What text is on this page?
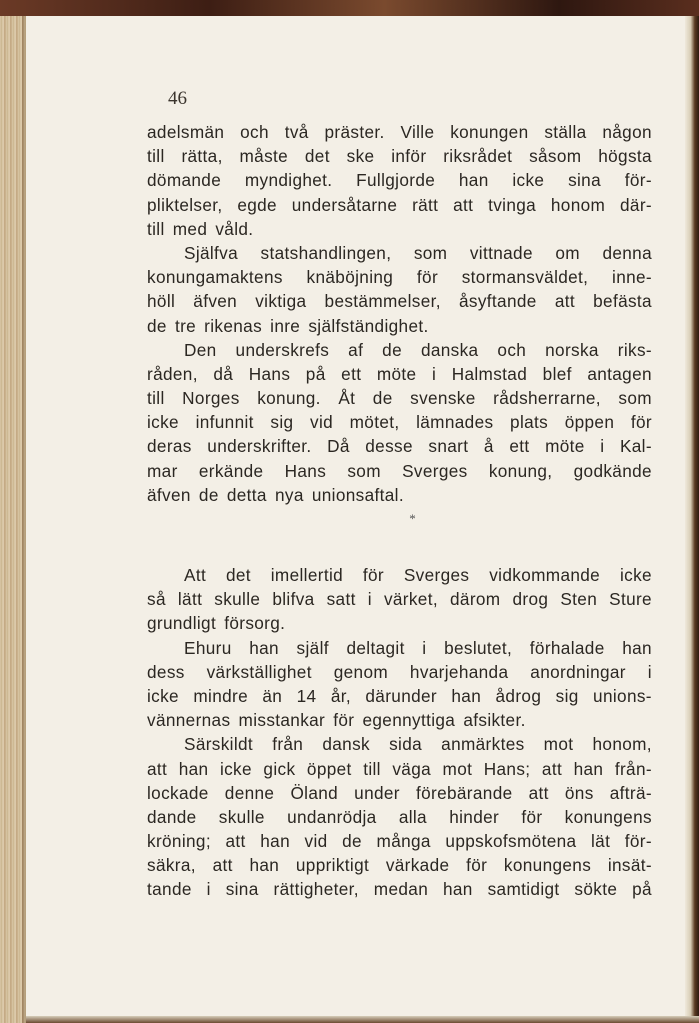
46
adelsmän och två präster. Ville konungen ställa någon
till rätta, måste det ske inför riksrådet såsom högsta
dömande myndighet. Fullgjorde han icke sina för-
pliktelser, egde undersåtarne rätt att tvinga honom där-
till med våld.
Själfva statshandlingen, som vittnade om denna
konungamaktens knäböjning för stormansväldet, inne-
höll äfven viktiga bestämmelser, åsyftande att befästa
de tre rikenas inre själfständighet.
Den underskrefs af de danska och norska riks-
råden, då Hans på ett möte i Halmstad blef antagen
till Norges konung. Åt de svenske rådsherrarne, som
icke infunnit sig vid mötet, lämnades plats öppen för
deras underskrifter. Då desse snart å ett möte i Kal-
mar erkände Hans som Sverges konung, godkände
äfven de detta nya unionsaftal.
*
Att det imellertid för Sverges vidkommande icke
så lätt skulle blifva satt i värket, därom drog Sten Sture
grundligt försorg.
Ehuru han själf deltagit i beslutet, förhalade han
dess värkställighet genom hvarjehanda anordningar i
icke mindre än 14 år, därunder han ådrog sig unions-
vännernas misstankar för egennyttiga afsikter.
Särskildt från dansk sida anmärktes mot honom,
att han icke gick öppet till väga mot Hans; att han från-
lockade denne Öland under förebärande att öns afträ-
dande skulle undanrödja alla hinder för konungens
kröning; att han vid de många uppskofsmötena lät för-
säkra, att han uppriktigt värkade för konungens insät-
tande i sina rättigheter, medan han samtidigt sökte på
